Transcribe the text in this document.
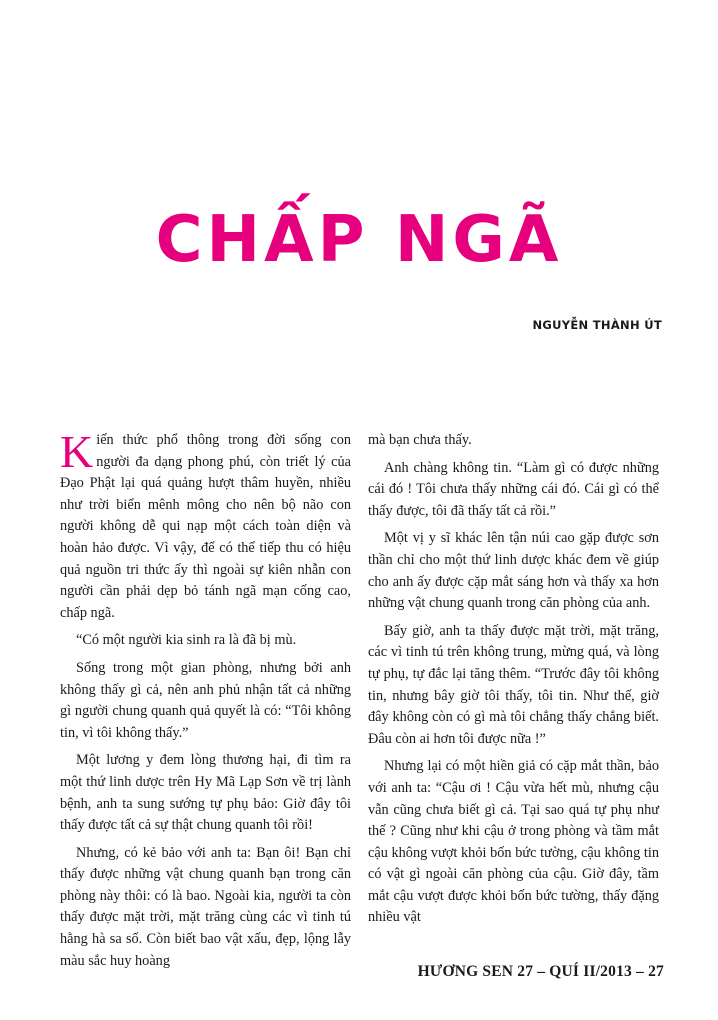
CHẤP NGÃ
NGUYỄN THÀNH ÚT

Kiến thức phổ thông trong đời sống con người đa dạng phong phú, còn triết lý của Đạo Phật lại quá quảng hượt thâm huyền, nhiều như trời biển mênh mông cho nên bộ não con người không dễ qui nạp một cách toàn diện và hoàn hảo được. Vì vậy, để có thể tiếp thu có hiệu quả nguồn tri thức ấy thì ngoài sự kiên nhẫn con người cần phải dẹp bỏ tánh ngã mạn cống cao, chấp ngã.

“Có một người kia sinh ra là đã bị mù.

Sống trong một gian phòng, nhưng bởi anh không thấy gì cả, nên anh phủ nhận tất cả những gì người chung quanh quả quyết là có: “Tôi không tin, vì tôi không thấy.”

Một lương y đem lòng thương hại, đi tìm ra một thứ linh dược trên Hy Mã Lạp Sơn về trị lành bệnh, anh ta sung sướng tự phụ bảo: Giờ đây tôi thấy được tất cả sự thật chung quanh tôi rồi!

Nhưng, có kẻ bảo với anh ta: Bạn ôi! Bạn chỉ thấy được những vật chung quanh bạn trong căn phòng này thôi: có là bao. Ngoài kia, người ta còn thấy được mặt trời, mặt trăng cùng các vì tinh tú hằng hà sa số. Còn biết bao vật xấu, đẹp, lộng lẫy màu sắc huy hoàng

mà bạn chưa thấy.

Anh chàng không tin. “Làm gì có được những cái đó ! Tôi chưa thấy những cái đó. Cái gì có thể thấy được, tôi đã thấy tất cả rồi.”

Một vị y sĩ khác lên tận núi cao gặp được sơn thần chỉ cho một thứ linh dược khác đem về giúp cho anh ấy được cặp mắt sáng hơn và thấy xa hơn những vật chung quanh trong căn phòng của anh.

Bấy giờ, anh ta thấy được mặt trời, mặt trăng, các vì tinh tú trên không trung, mừng quá, và lòng tự phụ, tự đắc lại tăng thêm. “Trước đây tôi không tin, nhưng bây giờ tôi thấy, tôi tin. Như thế, giờ đây không còn có gì mà tôi chẳng thấy chẳng biết. Đâu còn ai hơn tôi được nữa !”

Nhưng lại có một hiền giả có cặp mắt thần, bảo với anh ta: “Cậu ơi ! Cậu vừa hết mù, nhưng cậu vẫn cũng chưa biết gì cả. Tại sao quá tự phụ như thế ? Cũng như khi cậu ở trong phòng và tầm mắt cậu không vượt khỏi bốn bức tường, cậu không tin có vật gì ngoài căn phòng của cậu. Giờ đây, tầm mắt cậu vượt được khỏi bốn bức tường, thấy đặng nhiều vật

HƯƠNG SEN 27 – QUÍ II/2013 – 27
